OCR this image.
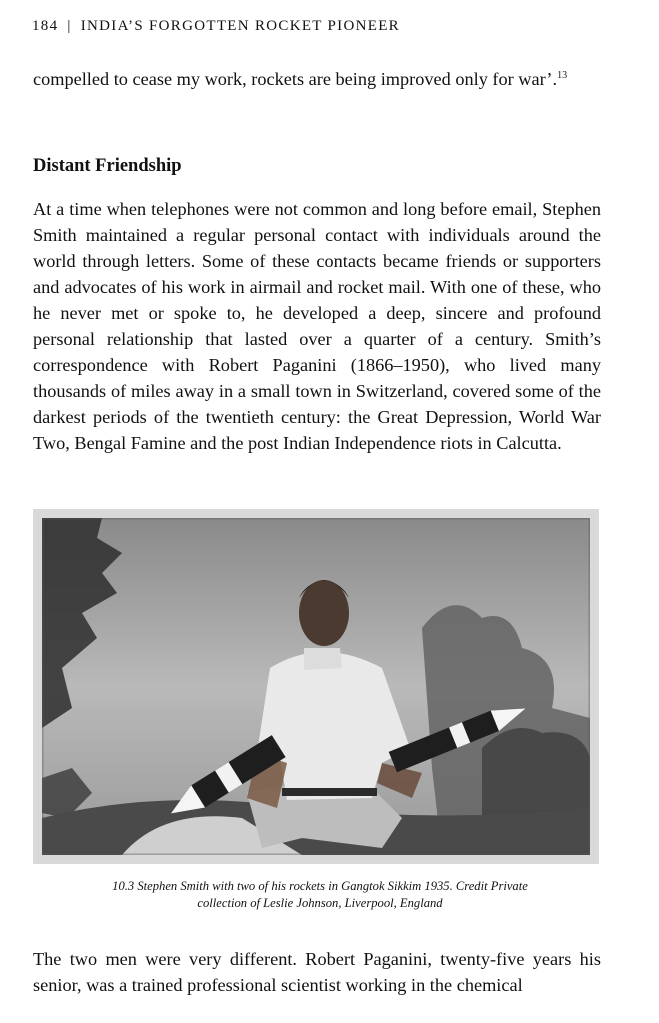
184 | INDIA’S FORGOTTEN ROCKET PIONEER

compelled to cease my work, rockets are being improved only for war’.$^{13}$

Distant Friendship

At a time when telephones were not common and long before email, Stephen Smith maintained a regular personal contact with individuals around the world through letters. Some of these contacts became friends or supporters and advocates of his work in airmail and rocket mail. With one of these, who he never met or spoke to, he developed a deep, sincere and profound personal relationship that lasted over a quarter of a century. Smith’s correspondence with Robert Paganini (1866–1950), who lived many thousands of miles away in a small town in Switzerland, covered some of the darkest periods of the twentieth century: the Great Depression, World War Two, Bengal Famine and the post Indian Independence riots in Calcutta.

10.3 Stephen Smith with two of his rockets in Gangtok Sikkim 1935. Credit Private
collection of Leslie Johnson, Liverpool, England

The two men were very different. Robert Paganini, twenty-five years his senior, was a trained professional scientist working in the chemical
